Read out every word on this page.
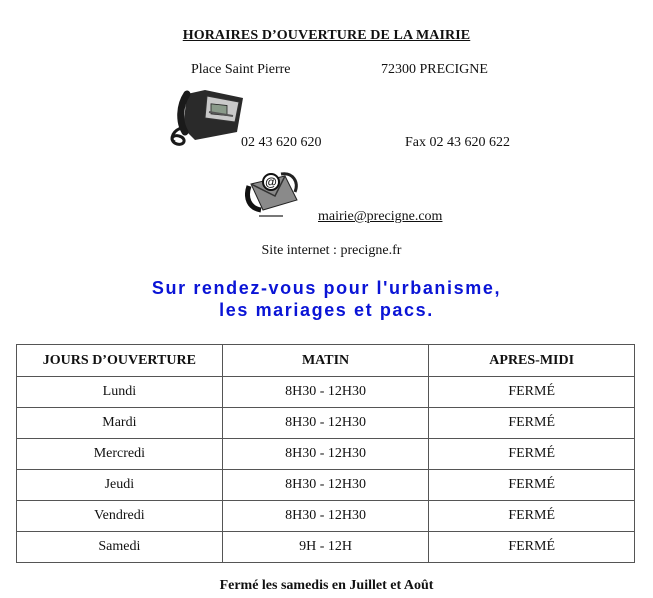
HORAIRES D’OUVERTURE DE LA MAIRIE
Place Saint Pierre	72300 PRECIGNE
02 43 620 620	Fax 02 43 620 622
@
mairie@precigne.com
Site internet : precigne.fr
Sur rendez-vous pour l'urbanisme,
les mariages et pacs.
JOURS D’OUVERTURE	MATIN	APRES-MIDI
Lundi	8H30 - 12H30	FERMÉ
Mardi	8H30 - 12H30	FERMÉ
Mercredi	8H30 - 12H30	FERMÉ
Jeudi	8H30 - 12H30	FERMÉ
Vendredi	8H30 - 12H30	FERMÉ
Samedi	9H - 12H	FERMÉ
Fermé les samedis en Juillet et Août
